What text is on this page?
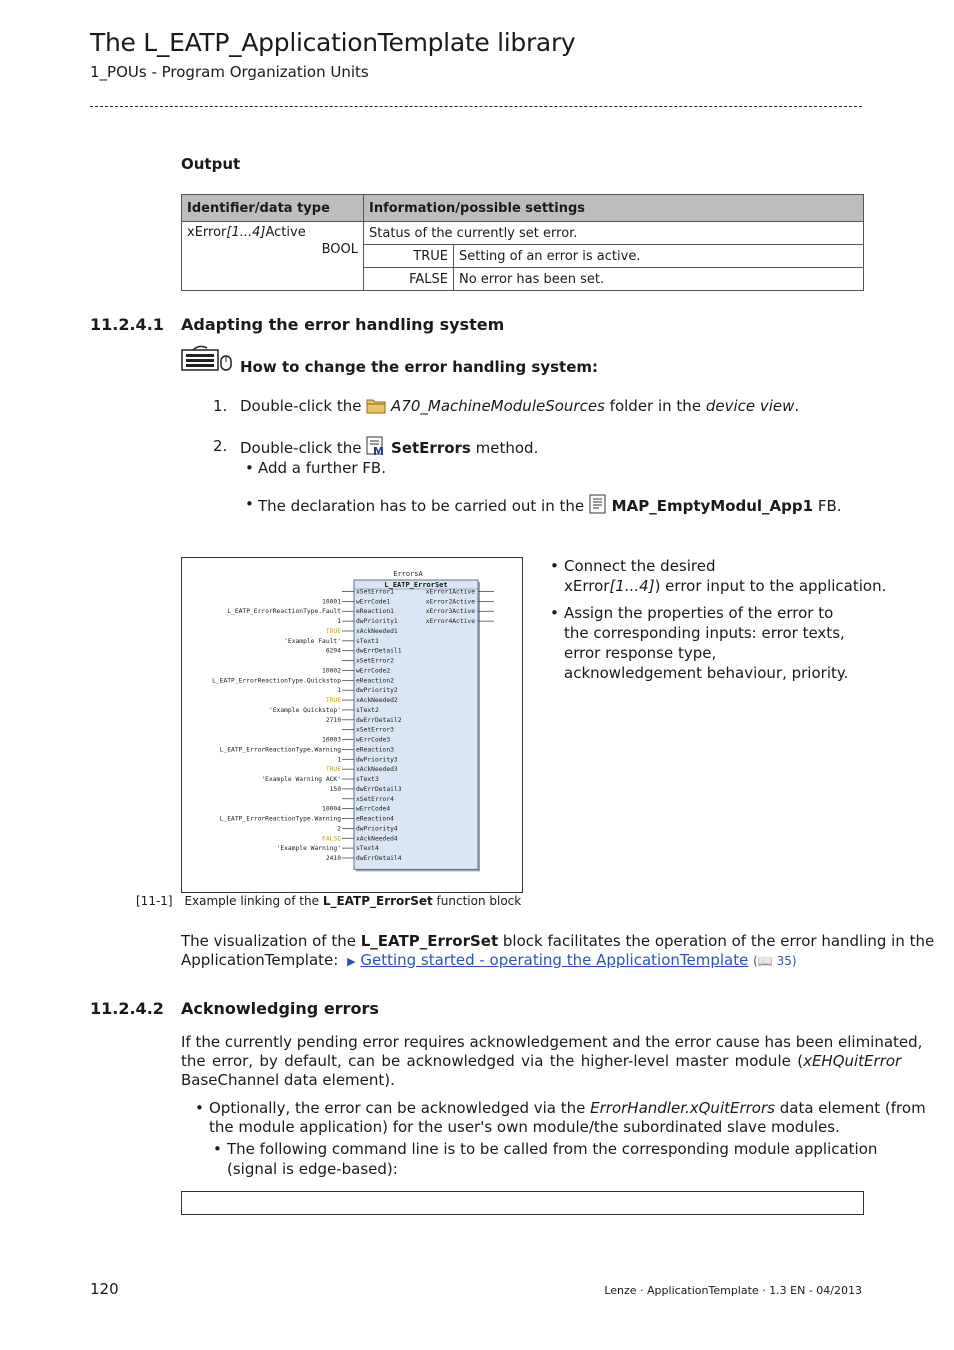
The L_EATP_ApplicationTemplate library
1_POUs - Program Organization Units
Output
Identifier/data type	Information/possible settings	
xError[1...4]Active
BOOL	Status of the currently set error.	
	TRUE	Setting of an error is active.
	FALSE	No error has been set.
11.2.4.1 Adapting the error handling system
How to change the error handling system:
1. Double-click the A70_MachineModuleSources folder in the device view.
2. Double-click the M SetErrors method.
• Add a further FB.
• The declaration has to be carried out in the MAP_EmptyModul_App1 FB.
ErrorsA
L_EATP_ErrorSet
xSetError1
wErrCode1
10001
eReaction1
L_EATP_ErrorReactionType.Fault
dwPriority1
1
xAckNeeded1
TRUE
sText1
'Example Fault'
dwErrDetail1
6294
xSetError2
wErrCode2
10002
eReaction2
L_EATP_ErrorReactionType.Quickstop
dwPriority2
1
xAckNeeded2
TRUE
sText2
'Example Quickstop'
dwErrDetail2
2710
xSetError3
wErrCode3
10003
eReaction3
L_EATP_ErrorReactionType.Warning
dwPriority3
1
xAckNeeded3
TRUE
sText3
'Example Warning ACK'
dwErrDetail3
150
xSetError4
wErrCode4
10004
eReaction4
L_EATP_ErrorReactionType.Warning
dwPriority4
2
xAckNeeded4
FALSE
sText4
'Example Warning'
dwErrDetail4
2410
xError1Active
xError2Active
xError3Active
xError4Active
• Connect the desired
xError[1...4]) error input to the application.
• Assign the properties of the error to the corresponding inputs: error texts, error response type, acknowledgement behaviour, priority.
[11-1] Example linking of the L_EATP_ErrorSet function block
The visualization of the L_EATP_ErrorSet block facilitates the operation of the error handling in the
ApplicationTemplate: ▶ Getting started - operating the ApplicationTemplate (📖 35)
11.2.4.2 Acknowledging errors
If the currently pending error requires acknowledgement and the error cause has been eliminated,
the error, by default, can be acknowledged via the higher-level master module (xEHQuitError
BaseChannel data element).
• Optionally, the error can be acknowledged via the ErrorHandler.xQuitErrors data element (from
the module application) for the user's own module/the subordinated slave modules.
• The following command line is to be called from the corresponding module application
(signal is edge-based):
120	Lenze · ApplicationTemplate · 1.3 EN - 04/2013
